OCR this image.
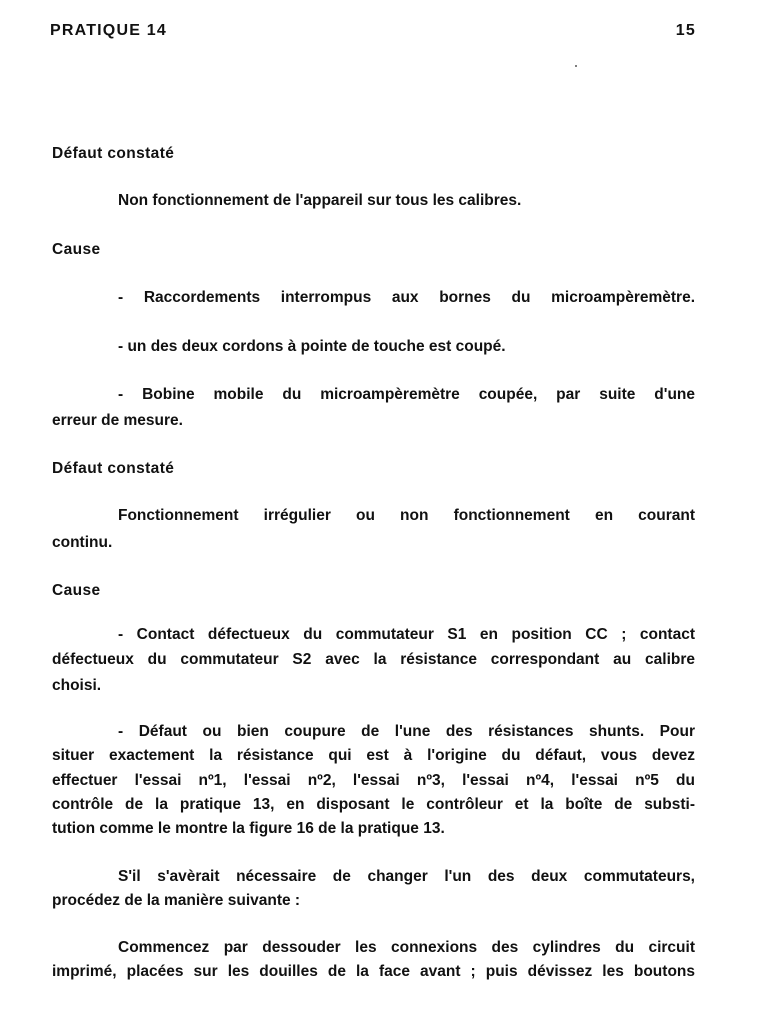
PRATIQUE 14	15
Défaut constaté
Non fonctionnement de l'appareil sur tous les calibres.
Cause
- Raccordements interrompus aux bornes du microampèremètre.
- un des deux cordons à pointe de touche est coupé.
- Bobine mobile du microampèremètre coupée, par suite d'une
erreur de mesure.
Défaut constaté
Fonctionnement irrégulier ou non fonctionnement en courant
continu.
Cause
- Contact défectueux du commutateur S1 en position CC ; contact
défectueux du commutateur S2 avec la résistance correspondant au calibre
choisi.
- Défaut ou bien coupure de l'une des résistances shunts. Pour
situer exactement la résistance qui est à l'origine du défaut, vous devez
effectuer l'essai nº1, l'essai nº2, l'essai nº3, l'essai nº4, l'essai nº5 du
contrôle de la pratique 13, en disposant le contrôleur et la boîte de substi-
tution comme le montre la figure 16 de la pratique 13.
S'il s'avèrait nécessaire de changer l'un des deux commutateurs,
procédez de la manière suivante :
Commencez par dessouder les connexions des cylindres du circuit
imprimé, placées sur les douilles de la face avant ; puis dévissez les boutons
